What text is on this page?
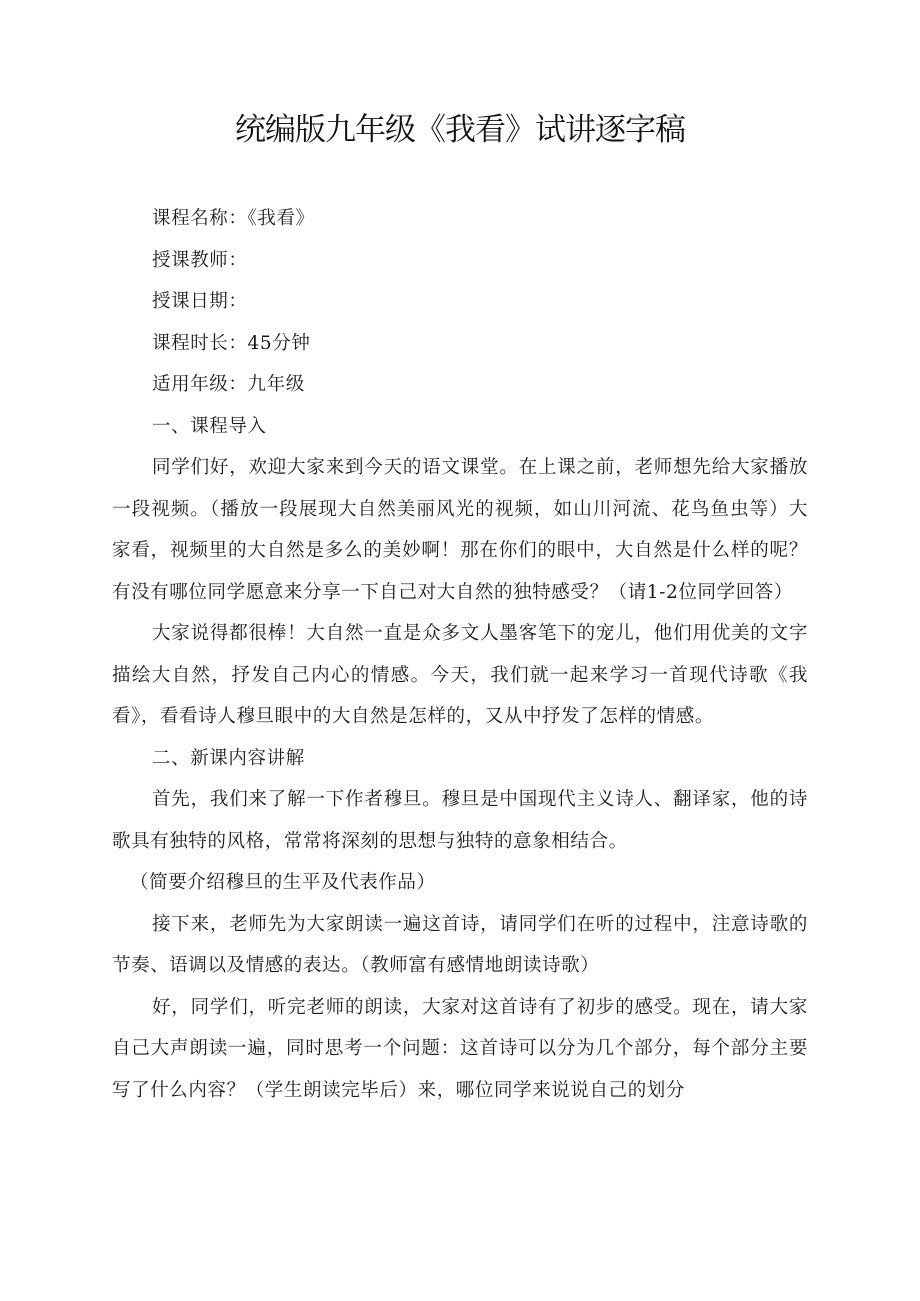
统编版九年级《我看》试讲逐字稿

课程名称：《我看》

授课教师：

授课日期：

课程时长：45分钟

适用年级：九年级

一、课程导入

同学们好，欢迎大家来到今天的语文课堂。在上课之前，老师想先给大家播放一段视频。（播放一段展现大自然美丽风光的视频，如山川河流、花鸟鱼虫等）大家看，视频里的大自然是多么的美妙啊！那在你们的眼中，大自然是什么样的呢？有没有哪位同学愿意来分享一下自己对大自然的独特感受？（请1-2位同学回答）

大家说得都很棒！大自然一直是众多文人墨客笔下的宠儿，他们用优美的文字描绘大自然，抒发自己内心的情感。今天，我们就一起来学习一首现代诗歌《我看》，看看诗人穆旦眼中的大自然是怎样的，又从中抒发了怎样的情感。

二、新课内容讲解

首先，我们来了解一下作者穆旦。穆旦是中国现代主义诗人、翻译家，他的诗歌具有独特的风格，常常将深刻的思想与独特的意象相结合。

（简要介绍穆旦的生平及代表作品）

接下来，老师先为大家朗读一遍这首诗，请同学们在听的过程中，注意诗歌的节奏、语调以及情感的表达。（教师富有感情地朗读诗歌）

好，同学们，听完老师的朗读，大家对这首诗有了初步的感受。现在，请大家自己大声朗读一遍，同时思考一个问题：这首诗可以分为几个部分，每个部分主要写了什么内容？（学生朗读完毕后）来，哪位同学来说说自己的划分
